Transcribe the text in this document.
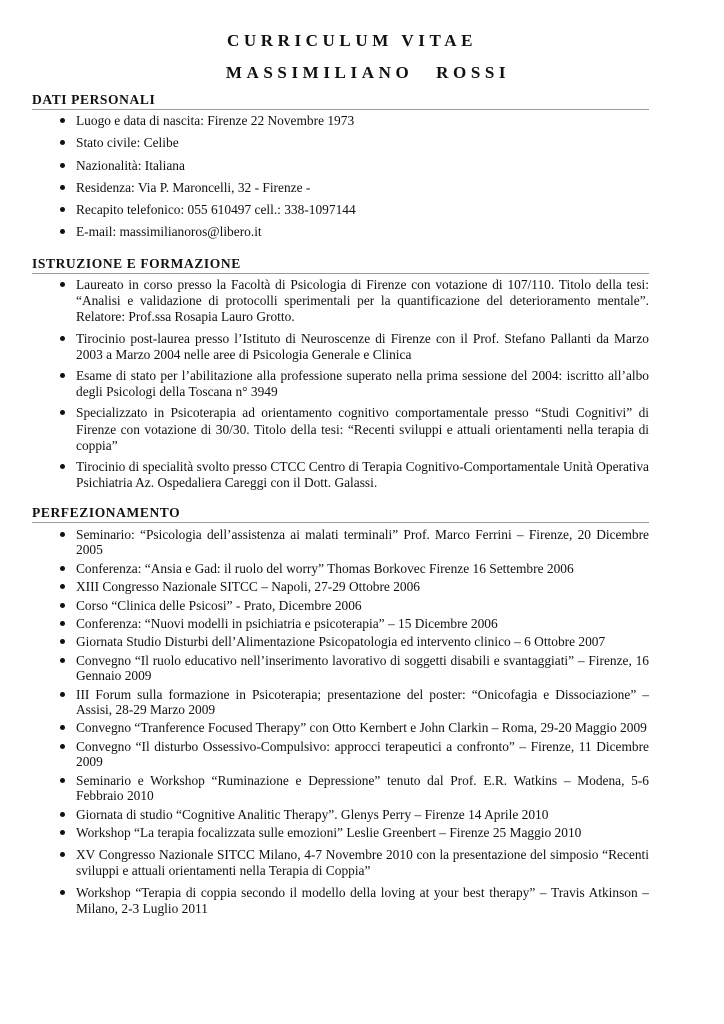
CURRICULUM VITAE
MASSIMILIANO ROSSI
DATI PERSONALI
Luogo e data di nascita: Firenze 22 Novembre 1973
Stato civile: Celibe
Nazionalità: Italiana
Residenza: Via P. Maroncelli, 32 - Firenze -
Recapito telefonico: 055 610497 cell.: 338-1097144
E-mail: massimilianoros@libero.it
ISTRUZIONE E FORMAZIONE
Laureato in corso presso la Facoltà di Psicologia di Firenze con votazione di 107/110. Titolo della tesi: “Analisi e validazione di protocolli sperimentali per la quantificazione del deterioramento mentale”. Relatore: Prof.ssa Rosapia Lauro Grotto.
Tirocinio post-laurea presso l’Istituto di Neuroscenze di Firenze con il Prof. Stefano Pallanti da Marzo 2003 a Marzo 2004 nelle aree di Psicologia Generale e Clinica
Esame di stato per l’abilitazione alla professione superato nella prima sessione del 2004: iscritto all’albo degli Psicologi della Toscana n° 3949
Specializzato in Psicoterapia ad orientamento cognitivo comportamentale presso “Studi Cognitivi” di Firenze con votazione di 30/30. Titolo della tesi: “Recenti sviluppi e attuali orientamenti nella terapia di coppia”
Tirocinio di specialità svolto presso CTCC Centro di Terapia Cognitivo-Comportamentale Unità Operativa Psichiatria Az. Ospedaliera Careggi con il Dott. Galassi.
PERFEZIONAMENTO
Seminario: “Psicologia dell’assistenza ai malati terminali” Prof. Marco Ferrini – Firenze, 20 Dicembre 2005
Conferenza: “Ansia e Gad: il ruolo del worry” Thomas Borkovec Firenze 16 Settembre 2006
XIII Congresso Nazionale SITCC – Napoli, 27-29 Ottobre 2006
Corso “Clinica delle Psicosi” - Prato, Dicembre 2006
Conferenza: “Nuovi modelli in psichiatria e psicoterapia” – 15 Dicembre 2006
Giornata Studio Disturbi dell’Alimentazione Psicopatologia ed intervento clinico – 6 Ottobre 2007
Convegno “Il ruolo educativo nell’inserimento lavorativo di soggetti disabili e svantaggiati” – Firenze, 16 Gennaio 2009
III Forum sulla formazione in Psicoterapia; presentazione del poster: “Onicofagia e Dissociazione” – Assisi, 28-29 Marzo 2009
Convegno “Tranference Focused Therapy” con Otto Kernbert e John Clarkin – Roma, 29-20 Maggio 2009
Convegno “Il disturbo Ossessivo-Compulsivo: approcci terapeutici a confronto” – Firenze, 11 Dicembre 2009
Seminario e Workshop “Ruminazione e Depressione” tenuto dal Prof. E.R. Watkins – Modena, 5-6 Febbraio 2010
Giornata di studio “Cognitive Analitic Therapy”. Glenys Perry – Firenze 14 Aprile 2010
Workshop “La terapia focalizzata sulle emozioni” Leslie Greenbert – Firenze 25 Maggio 2010
XV Congresso Nazionale SITCC Milano, 4-7 Novembre 2010 con la presentazione del simposio “Recenti sviluppi e attuali orientamenti nella Terapia di Coppia”
Workshop “Terapia di coppia secondo il modello della loving at your best therapy” – Travis Atkinson – Milano, 2-3 Luglio 2011
